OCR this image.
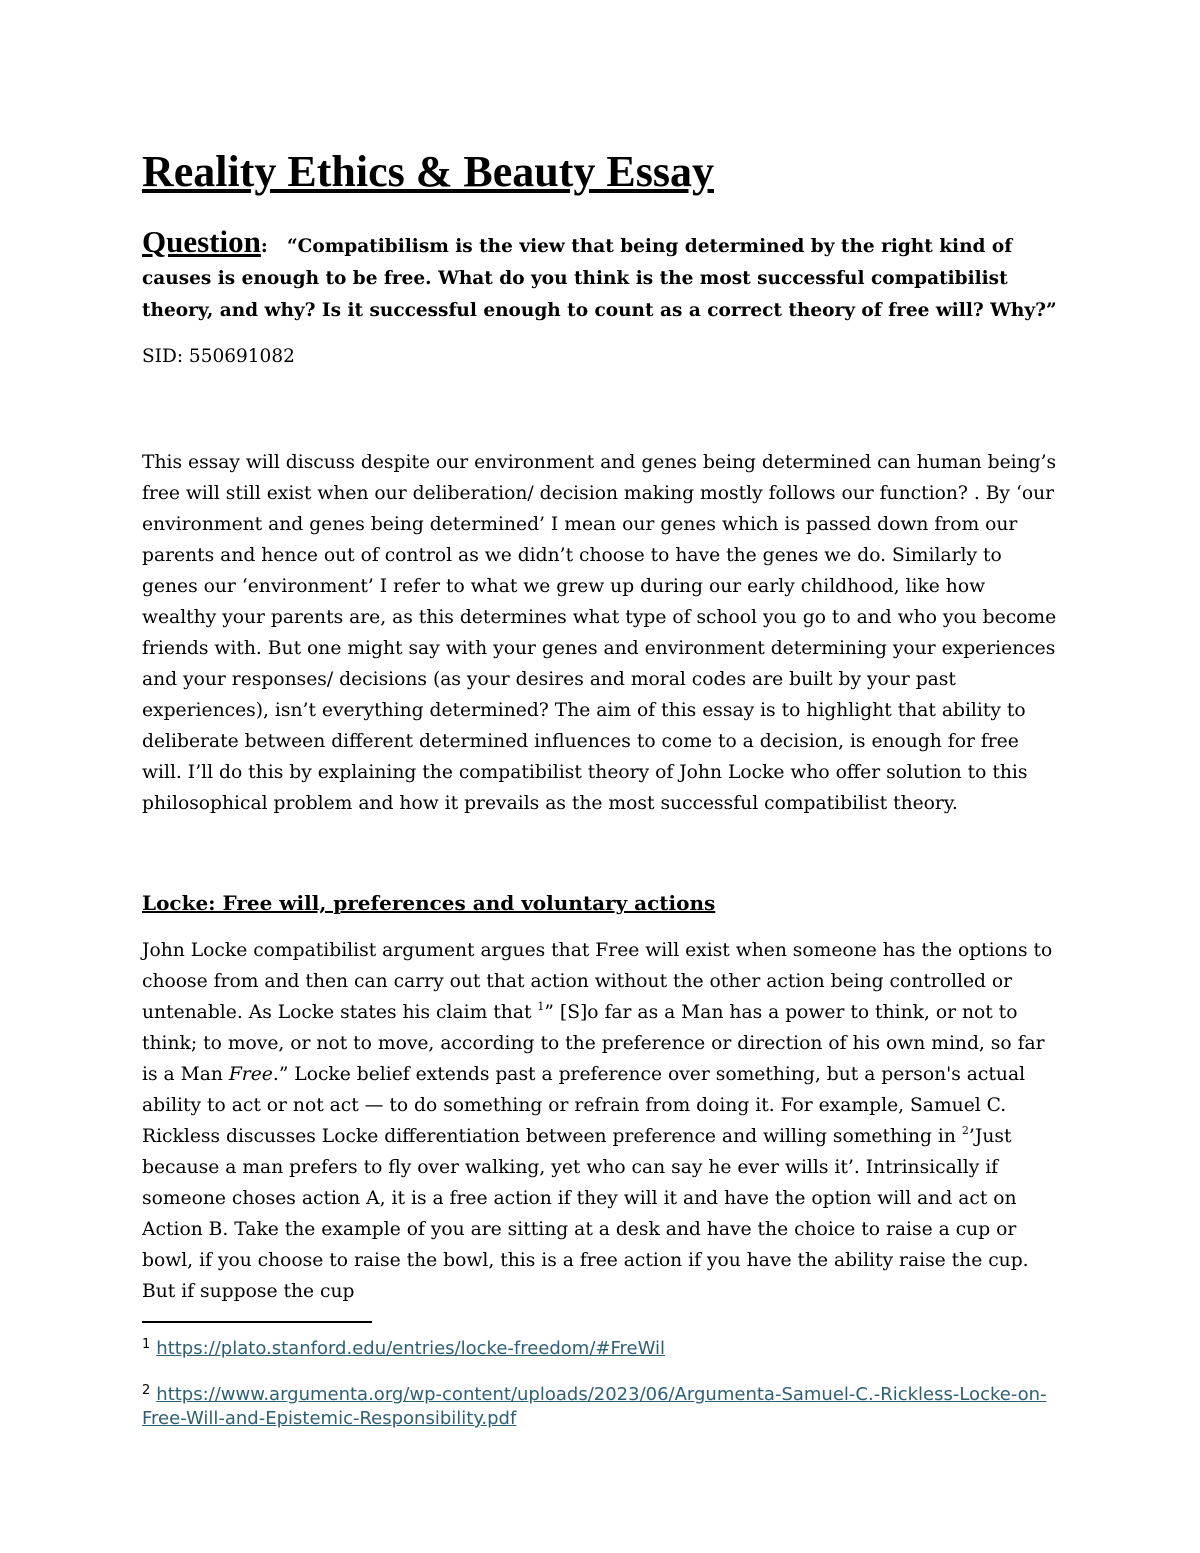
Reality Ethics & Beauty Essay
Question: “Compatibilism is the view that being determined by the right kind of causes is enough to be free. What do you think is the most successful compatibilist theory, and why? Is it successful enough to count as a correct theory of free will? Why?”
SID: 550691082

This essay will discuss despite our environment and genes being determined can human being’s free will still exist when our deliberation/ decision making mostly follows our function? . By ‘our environment and genes being determined’ I mean our genes which is passed down from our parents and hence out of control as we didn’t choose to have the genes we do. Similarly to genes our ‘environment’ I refer to what we grew up during our early childhood, like how wealthy your parents are, as this determines what type of school you go to and who you become friends with. But one might say with your genes and environment determining your experiences and your responses/ decisions (as your desires and moral codes are built by your past experiences), isn’t everything determined? The aim of this essay is to highlight that ability to deliberate between different determined influences to come to a decision, is enough for free will. I’ll do this by explaining the compatibilist theory of John Locke who offer solution to this philosophical problem and how it prevails as the most successful compatibilist theory.

Locke: Free will, preferences and voluntary actions

John Locke compatibilist argument argues that Free will exist when someone has the options to choose from and then can carry out that action without the other action being controlled or untenable. As Locke states his claim that $^1$” [S]o far as a Man has a power to think, or not to think; to move, or not to move, according to the preference or direction of his own mind, so far is a Man Free.” Locke belief extends past a preference over something, but a person's actual ability to act or not act — to do something or refrain from doing it. For example, Samuel C. Rickless discusses Locke differentiation between preference and willing something in $^2$’Just because a man prefers to fly over walking, yet who can say he ever wills it’. Intrinsically if someone choses action A, it is a free action if they will it and have the option will and act on Action B. Take the example of you are sitting at a desk and have the choice to raise a cup or bowl, if you choose to raise the bowl, this is a free action if you have the ability raise the cup. But if suppose the cup

$^1$ https://plato.stanford.edu/entries/locke-freedom/#FreWil
$^2$ https://www.argumenta.org/wp-content/uploads/2023/06/Argumenta-Samuel-C.-Rickless-Locke-on-Free-Will-and-Epistemic-Responsibility.pdf
